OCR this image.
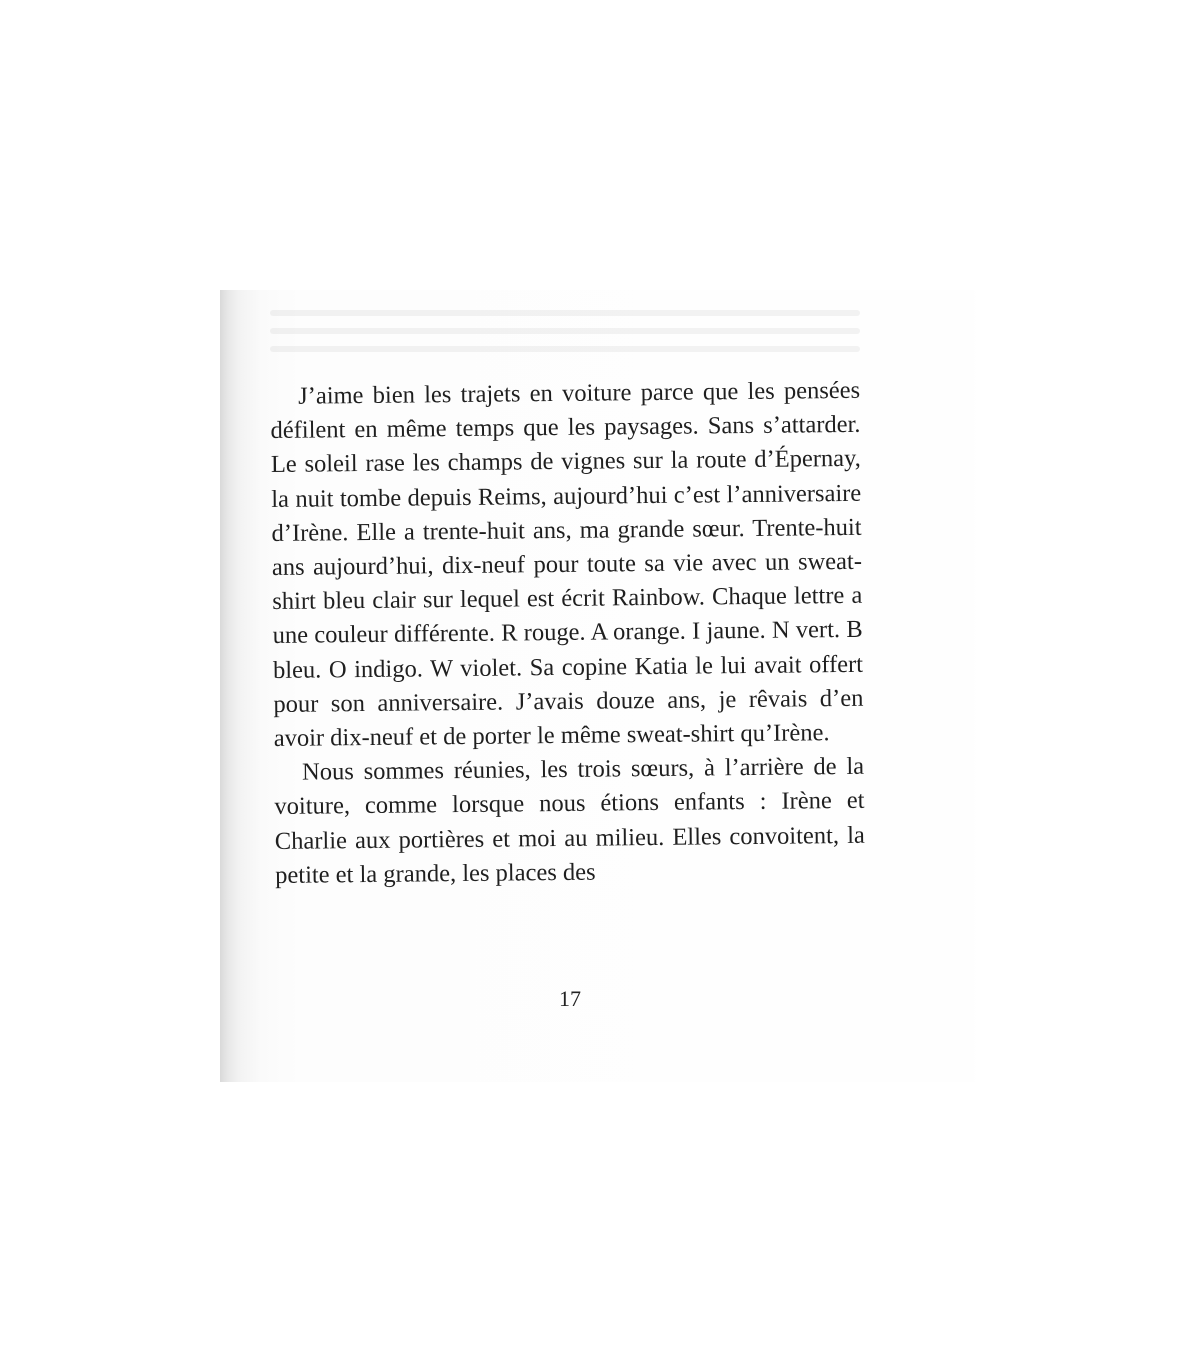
J’aime bien les trajets en voiture parce que les pensées défilent en même temps que les paysages. Sans s’attarder. Le soleil rase les champs de vignes sur la route d’Épernay, la nuit tombe depuis Reims, aujourd’hui c’est l’anniversaire d’Irène. Elle a trente-huit ans, ma grande sœur. Trente-huit ans aujourd’hui, dix-neuf pour toute sa vie avec un sweat-shirt bleu clair sur lequel est écrit Rainbow. Chaque lettre a une couleur différente. R rouge. A orange. I jaune. N vert. B bleu. O indigo. W violet. Sa copine Katia le lui avait offert pour son anniversaire. J’avais douze ans, je rêvais d’en avoir dix-neuf et de porter le même sweat-shirt qu’Irène.

Nous sommes réunies, les trois sœurs, à l’arrière de la voiture, comme lorsque nous étions enfants : Irène et Charlie aux portières et moi au milieu. Elles convoitent, la petite et la grande, les places des

17
